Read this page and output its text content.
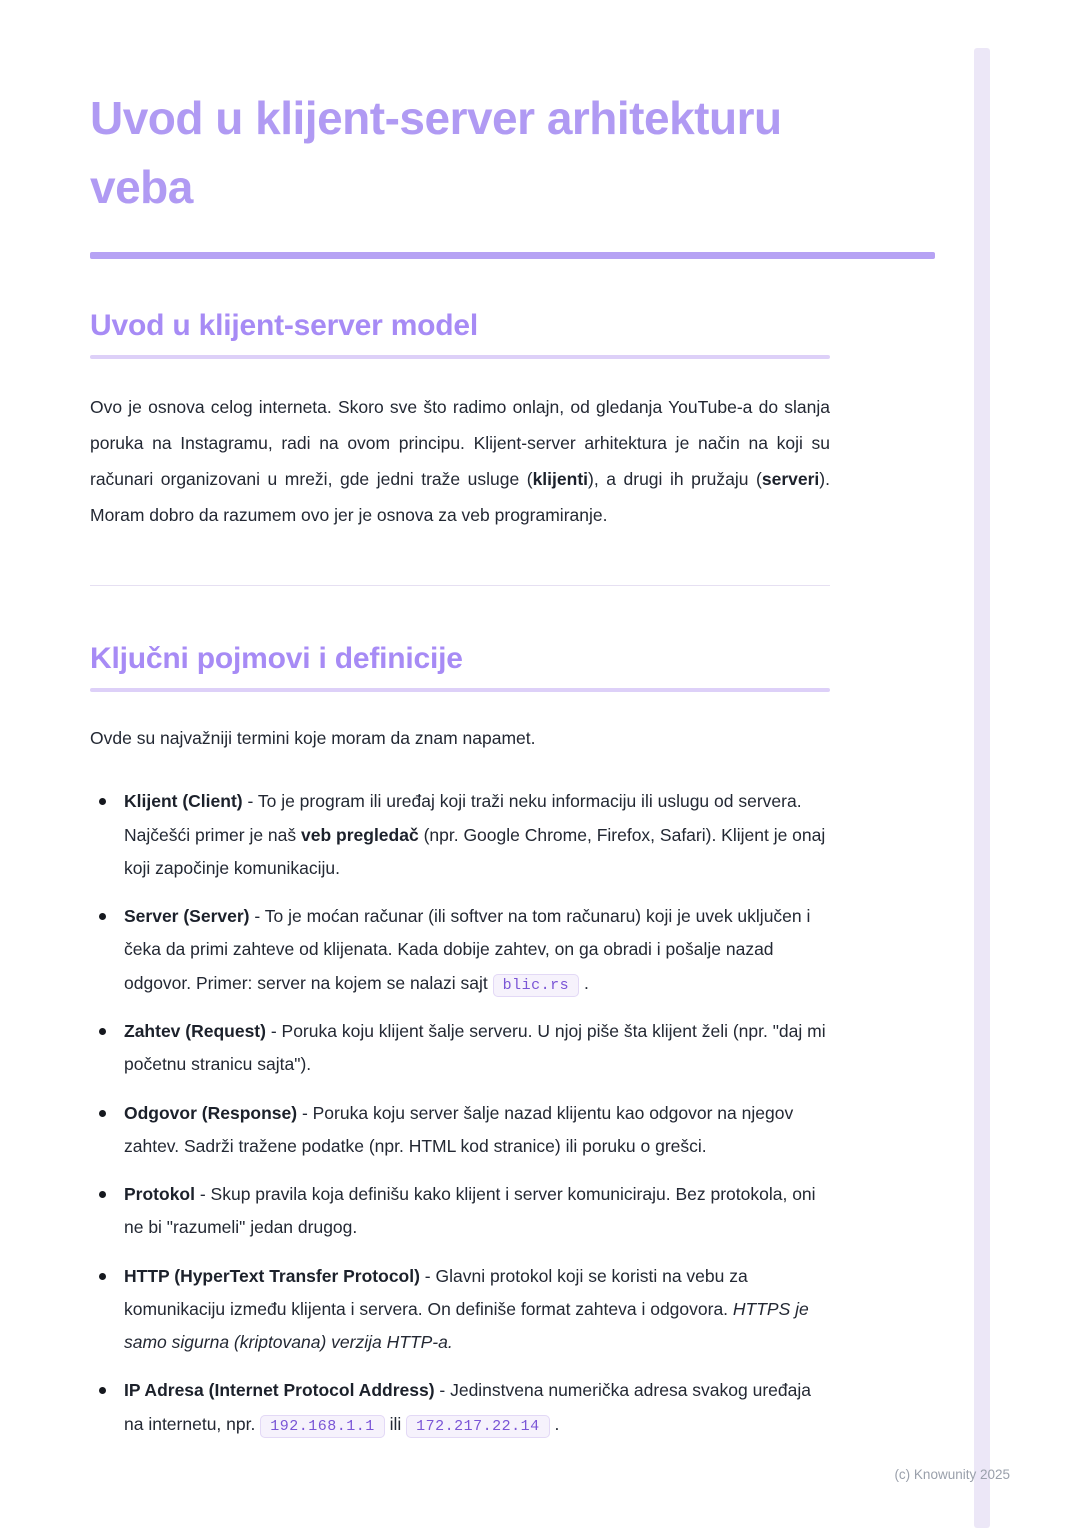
Uvod u klijent-server arhitekturu veba
Uvod u klijent-server model

Ovo je osnova celog interneta. Skoro sve što radimo onlajn, od gledanja YouTube-a do slanja poruka na Instagramu, radi na ovom principu. Klijent-server arhitektura je način na koji su računari organizovani u mreži, gde jedni traže usluge (klijenti), a drugi ih pružaju (serveri). Moram dobro da razumem ovo jer je osnova za veb programiranje.

Ključni pojmovi i definicije

Ovde su najvažniji termini koje moram da znam napamet.

Klijent (Client) - To je program ili uređaj koji traži neku informaciju ili uslugu od servera. Najčešći primer je naš veb pregledač (npr. Google Chrome, Firefox, Safari). Klijent je onaj koji započinje komunikaciju.
Server (Server) - To je moćan računar (ili softver na tom računaru) koji je uvek uključen i čeka da primi zahteve od klijenata. Kada dobije zahtev, on ga obradi i pošalje nazad odgovor. Primer: server na kojem se nalazi sajt blic.rs .
Zahtev (Request) - Poruka koju klijent šalje serveru. U njoj piše šta klijent želi (npr. "daj mi početnu stranicu sajta").
Odgovor (Response) - Poruka koju server šalje nazad klijentu kao odgovor na njegov zahtev. Sadrži tražene podatke (npr. HTML kod stranice) ili poruku o grešci.
Protokol - Skup pravila koja definišu kako klijent i server komuniciraju. Bez protokola, oni ne bi "razumeli" jedan drugog.
HTTP (HyperText Transfer Protocol) - Glavni protokol koji se koristi na vebu za komunikaciju između klijenta i servera. On definiše format zahteva i odgovora. HTTPS je samo sigurna (kriptovana) verzija HTTP-a.
IP Adresa (Internet Protocol Address) - Jedinstvena numerička adresa svakog uređaja na internetu, npr. 192.168.1.1 ili 172.217.22.14 .
(c) Knowunity 2025
